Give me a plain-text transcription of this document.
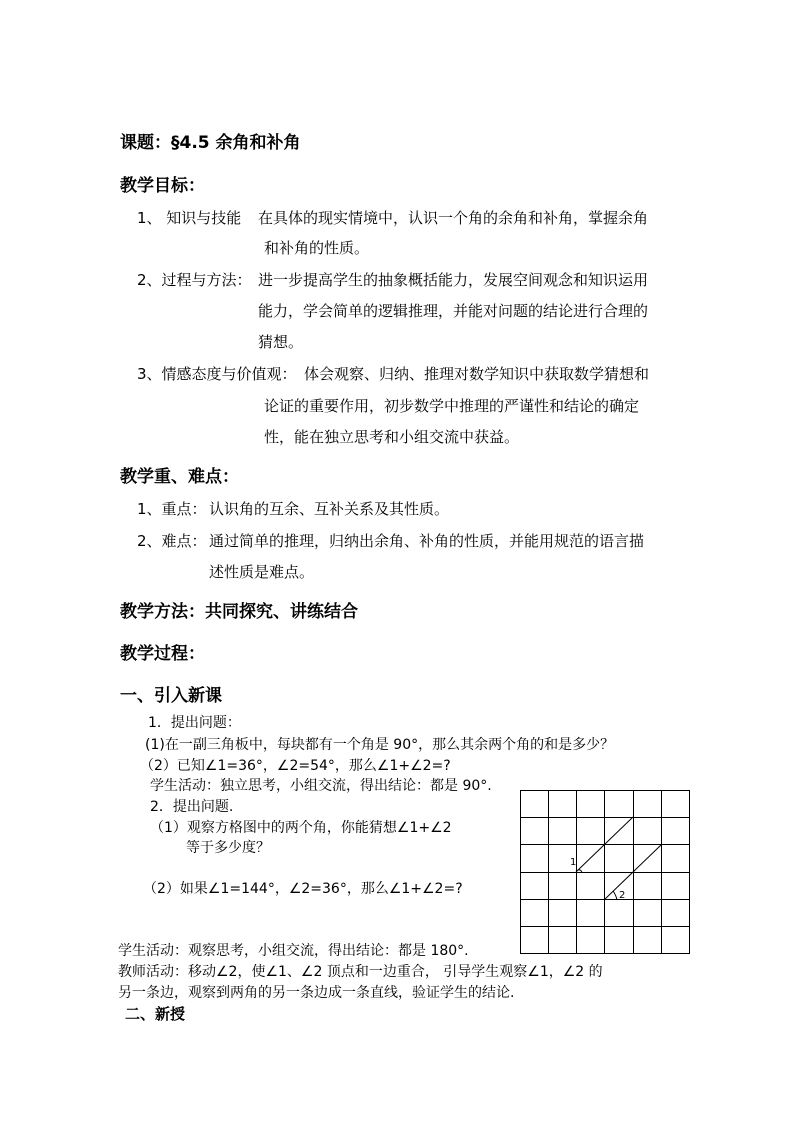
课题：§4.5 余角和补角
教学目标：
1、 知识与技能 在具体的现实情境中，认识一个角的余角和补角，掌握余角
和补角的性质。
2、过程与方法： 进一步提高学生的抽象概括能力，发展空间观念和知识运用
能力，学会简单的逻辑推理，并能对问题的结论进行合理的
猜想。
3、情感态度与价值观： 体会观察、归纳、推理对数学知识中获取数学猜想和
论证的重要作用，初步数学中推理的严谨性和结论的确定
性，能在独立思考和小组交流中获益。
教学重、难点：
1、重点： 认识角的互余、互补关系及其性质。
2、难点： 通过简单的推理，归纳出余角、补角的性质，并能用规范的语言描
述性质是难点。
教学方法：共同探究、讲练结合
教学过程：
一、引入新课
1．提出问题：
(1)在一副三角板中，每块都有一个角是 90°，那么其余两个角的和是多少？
（2）已知∠1=36°，∠2=54°，那么∠1+∠2=?
学生活动：独立思考，小组交流，得出结论：都是 90°.
2．提出问题.
（1）观察方格图中的两个角，你能猜想∠1+∠2
等于多少度？
（2）如果∠1=144°，∠2=36°，那么∠1+∠2=?
学生活动：观察思考，小组交流，得出结论：都是 180°.
教师活动：移动∠2，使∠1、∠2 顶点和一边重合， 引导学生观察∠1，∠2 的
另一条边，观察到两角的另一条边成一条直线，验证学生的结论.
1
2
二、新授
